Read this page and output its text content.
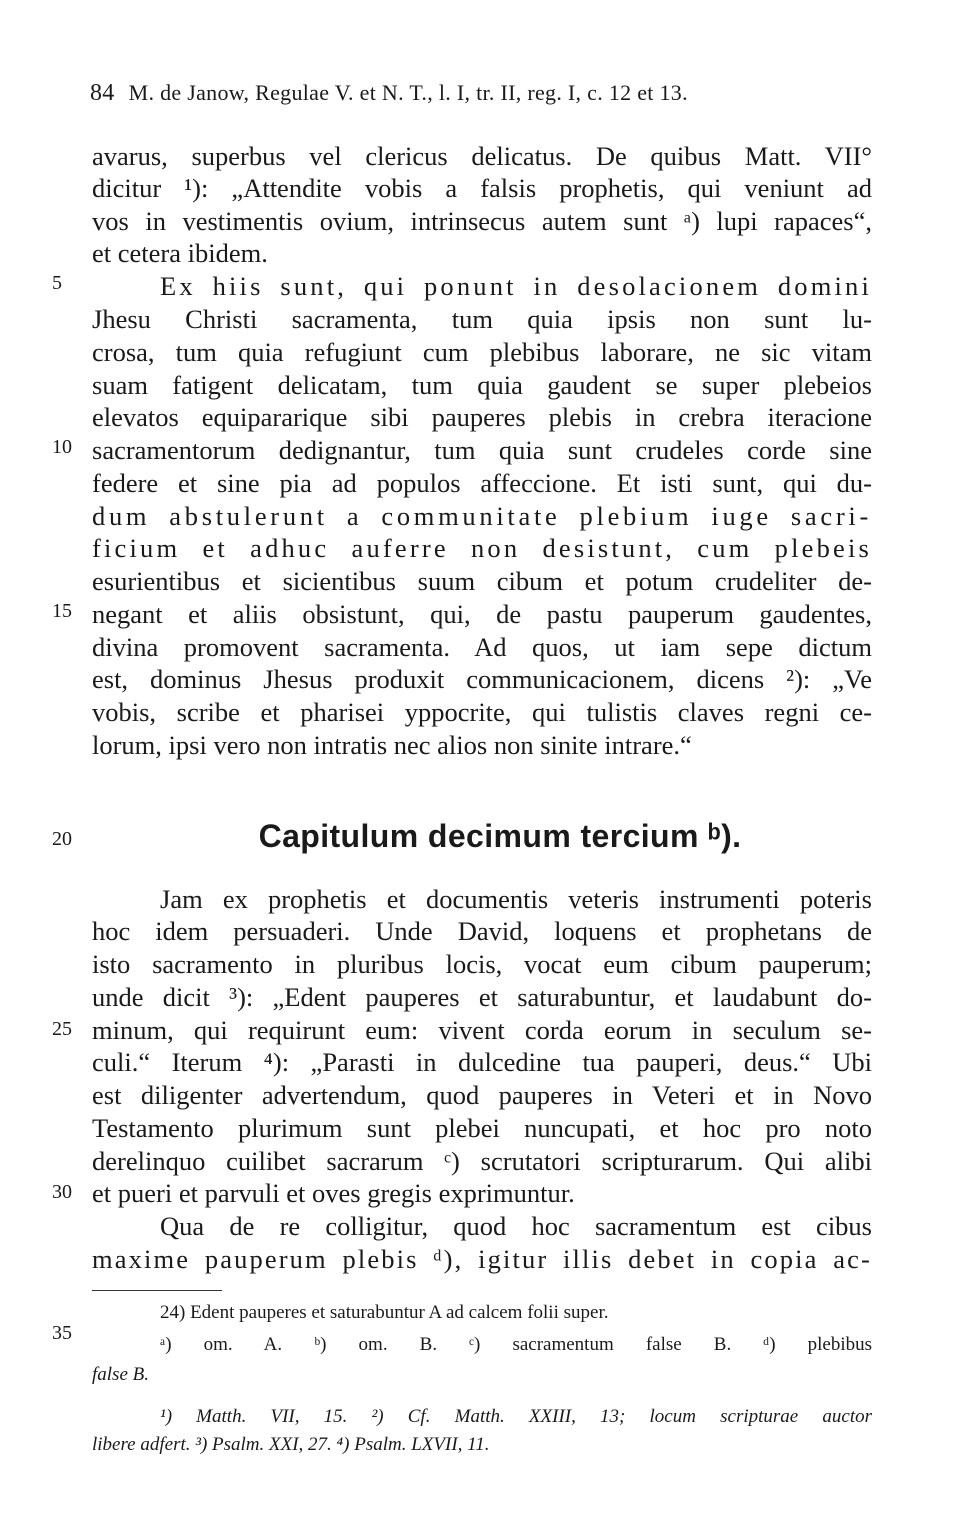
84 M. de Janow, Regulae V. et N. T., l. I, tr. II, reg. I, c. 12 et 13.
5
10
15
20
25
30
35
avarus, superbus vel clericus delicatus. De quibus Matt. VII°
dicitur ¹): „Attendite vobis a falsis prophetis, qui veniunt ad
vos in vestimentis ovium, intrinsecus autem sunt ᵃ) lupi rapaces“,
et cetera ibidem.
Ex hiis sunt, qui ponunt in desolacionem domini
Jhesu Christi sacramenta, tum quia ipsis non sunt lu-
crosa, tum quia refugiunt cum plebibus laborare, ne sic vitam
suam fatigent delicatam, tum quia gaudent se super plebeios
elevatos equipararique sibi pauperes plebis in crebra iteracione
sacramentorum dedignantur, tum quia sunt crudeles corde sine
federe et sine pia ad populos affeccione. Et isti sunt, qui du-
dum abstulerunt a communitate plebium iuge sacri-
ficium et adhuc auferre non desistunt, cum plebeis
esurientibus et sicientibus suum cibum et potum crudeliter de-
negant et aliis obsistunt, qui, de pastu pauperum gaudentes,
divina promovent sacramenta. Ad quos, ut iam sepe dictum
est, dominus Jhesus produxit communicacionem, dicens ²): „Ve
vobis, scribe et pharisei yppocrite, qui tulistis claves regni ce-
lorum, ipsi vero non intratis nec alios non sinite intrare.“
Capitulum decimum tercium ᵇ).
Jam ex prophetis et documentis veteris instrumenti poteris
hoc idem persuaderi. Unde David, loquens et prophetans de
isto sacramento in pluribus locis, vocat eum cibum pauperum;
unde dicit ³): „Edent pauperes et saturabuntur, et laudabunt do-
minum, qui requirunt eum: vivent corda eorum in seculum se-
culi.“ Iterum ⁴): „Parasti in dulcedine tua pauperi, deus.“ Ubi
est diligenter advertendum, quod pauperes in Veteri et in Novo
Testamento plurimum sunt plebei nuncupati, et hoc pro noto
derelinquo cuilibet sacrarum ᶜ) scrutatori scripturarum. Qui alibi
et pueri et parvuli et oves gregis exprimuntur.
Qua de re colligitur, quod hoc sacramentum est cibus
maxime pauperum plebis ᵈ), igitur illis debet in copia ac-
24) Edent pauperes et saturabuntur A ad calcem folii super.
ᵃ) om. A. ᵇ) om. B. ᶜ) sacramentum false B. ᵈ) plebibus
false B.
¹) Matth. VII, 15. ²) Cf. Matth. XXIII, 13; locum scripturae auctor
libere adfert. ³) Psalm. XXI, 27. ⁴) Psalm. LXVII, 11.
